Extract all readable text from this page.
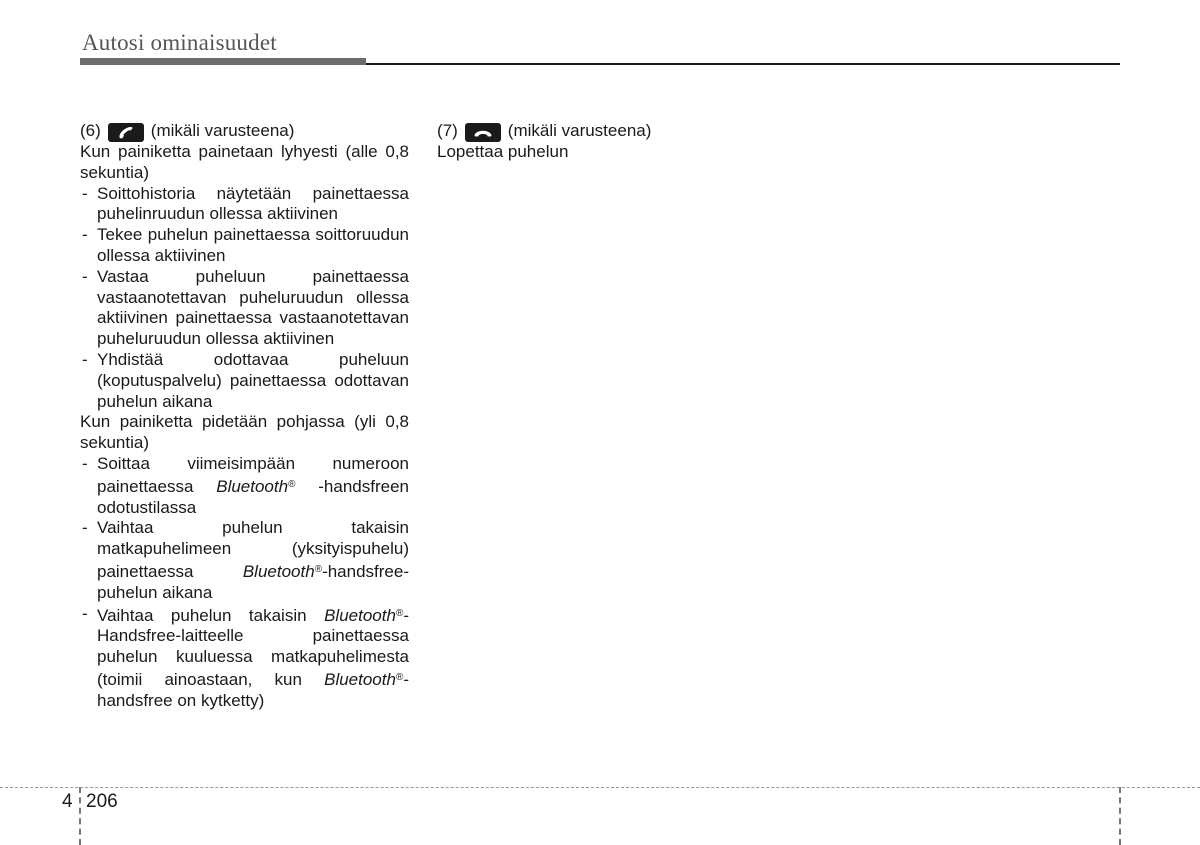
Autosi ominaisuudet
(6)	(mikäli varusteena)

Kun painiketta painetaan lyhyesti (alle 0,8 sekuntia)

- Soittohistoria näytetään painettaessa puhelinruudun ollessa aktiivinen
- Tekee puhelun painettaessa soittoruudun ollessa aktiivinen
- Vastaa puheluun painettaessa vastaanotettavan puheluruudun ollessa aktiivinen painettaessa vastaanotettavan puheluruudun ollessa aktiivinen
- Yhdistää odottavaa puheluun (koputuspalvelu) painettaessa odottavan puhelun aikana

Kun painiketta pidetään pohjassa (yli 0,8 sekuntia)

- Soittaa viimeisimpään numeroon painettaessa Bluetooth® -handsfreen odotustilassa
- Vaihtaa puhelun takaisin matkapuhelimeen (yksityispuhelu) painettaessa	Bluetooth®-handsfree-puhelun aikana
- Vaihtaa puhelun takaisin Bluetooth®-Handsfree-laitteelle painettaessa puhelun kuuluessa matkapuhelimesta (toimii ainoastaan, kun Bluetooth®-handsfree on kytketty)
(7)	(mikäli varusteena)

Lopettaa puhelun

4 206
